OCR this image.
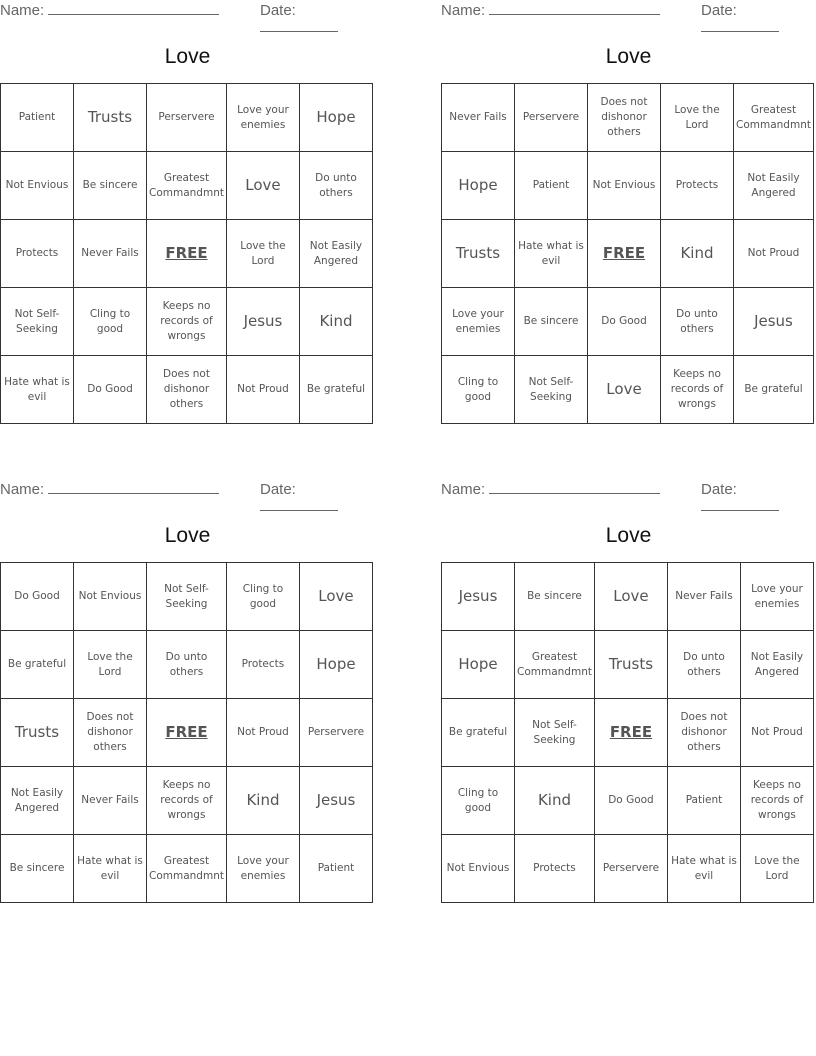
Name:	Date:
Love
Patient	Trusts	Perservere	Love your enemies	Hope
Not Envious	Be sincere	Greatest Commandmnt	Love	Do unto others
Protects	Never Fails	FREE	Love the Lord	Not Easily Angered
Not Self-Seeking	Cling to good	Keeps no records of wrongs	Jesus	Kind
Hate what is evil	Do Good	Does not dishonor others	Not Proud	Be grateful
Name:	Date:
Love
Never Fails	Perservere	Does not dishonor others	Love the Lord	Greatest Commandmnt
Hope	Patient	Not Envious	Protects	Not Easily Angered
Trusts	Hate what is evil	FREE	Kind	Not Proud
Love your enemies	Be sincere	Do Good	Do unto others	Jesus
Cling to good	Not Self-Seeking	Love	Keeps no records of wrongs	Be grateful
Name:	Date:
Love
Do Good	Not Envious	Not Self-Seeking	Cling to good	Love
Be grateful	Love the Lord	Do unto others	Protects	Hope
Trusts	Does not dishonor others	FREE	Not Proud	Perservere
Not Easily Angered	Never Fails	Keeps no records of wrongs	Kind	Jesus
Be sincere	Hate what is evil	Greatest Commandmnt	Love your enemies	Patient
Name:	Date:
Love
Jesus	Be sincere	Love	Never Fails	Love your enemies
Hope	Greatest Commandmnt	Trusts	Do unto others	Not Easily Angered
Be grateful	Not Self-Seeking	FREE	Does not dishonor others	Not Proud
Cling to good	Kind	Do Good	Patient	Keeps no records of wrongs
Not Envious	Protects	Perservere	Hate what is evil	Love the Lord
